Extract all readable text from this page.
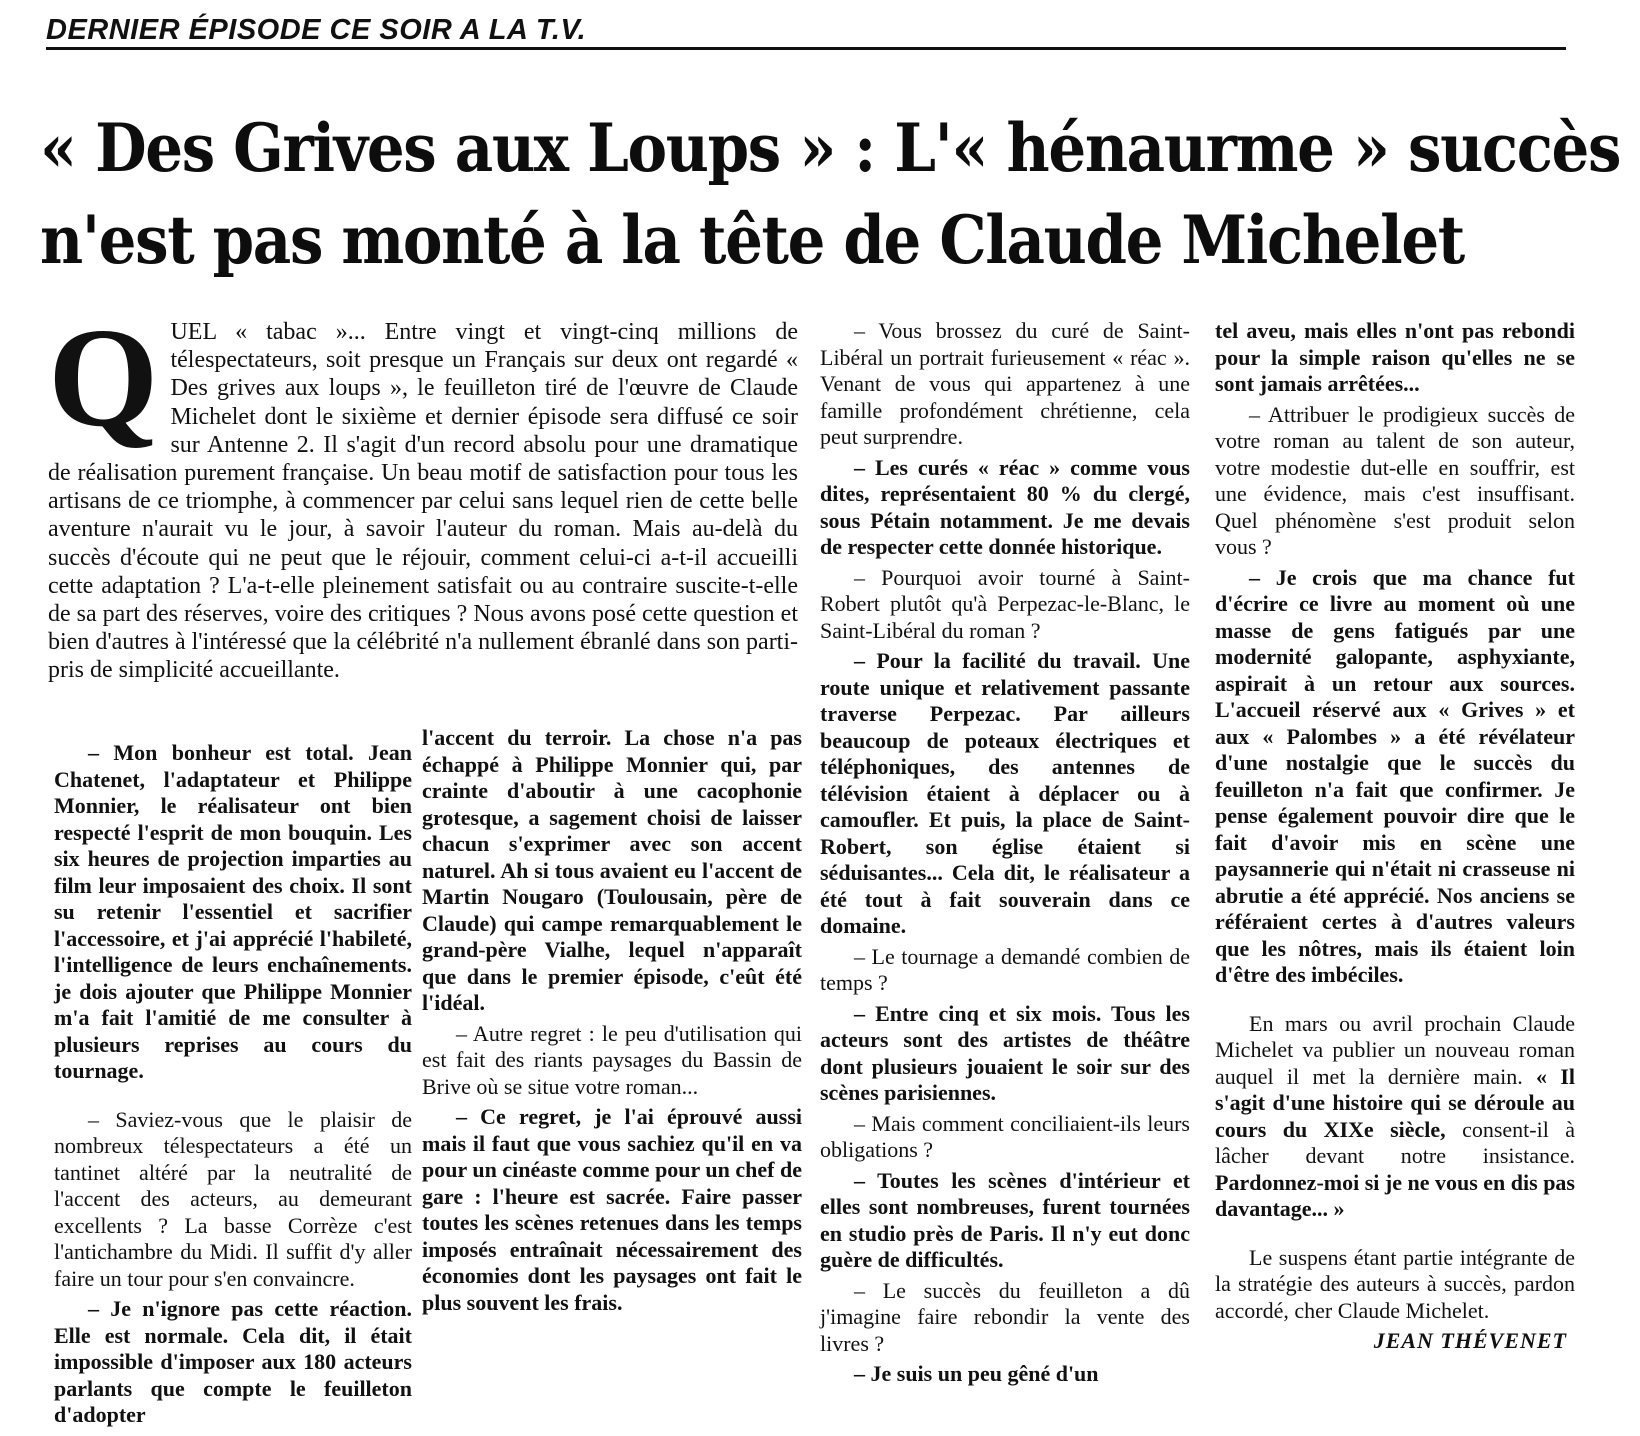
DERNIER ÉPISODE CE SOIR A LA T.V.
« Des Grives aux Loups » : L'« hénaurme » succès
n'est pas monté à la tête de Claude Michelet
Q UEL « tabac »... Entre vingt et vingt-cinq millions de télespectateurs, soit presque un Français sur deux ont regardé « Des grives aux loups », le feuilleton tiré de l'œuvre de Claude Michelet dont le sixième et dernier épisode sera diffusé ce soir sur Antenne 2. Il s'agit d'un record absolu pour une dramatique de réalisation purement française. Un beau motif de satisfaction pour tous les artisans de ce triomphe, à commencer par celui sans lequel rien de cette belle aventure n'aurait vu le jour, à savoir l'auteur du roman. Mais au-delà du succès d'écoute qui ne peut que le réjouir, comment celui-ci a-t-il accueilli cette adaptation ? L'a-t-elle pleinement satisfait ou au contraire suscite-t-elle de sa part des réserves, voire des critiques ? Nous avons posé cette question et bien d'autres à l'intéressé que la célébrité n'a nullement ébranlé dans son parti-pris de simplicité accueillante.

– Mon bonheur est total. Jean Chatenet, l'adaptateur et Philippe Monnier, le réalisateur ont bien respecté l'esprit de mon bouquin. Les six heures de projection imparties au film leur imposaient des choix. Il sont su retenir l'essentiel et sacrifier l'accessoire, et j'ai apprécié l'habileté, l'intelligence de leurs enchaînements. je dois ajouter que Philippe Monnier m'a fait l'amitié de me consulter à plusieurs reprises au cours du tournage.

– Saviez-vous que le plaisir de nombreux télespectateurs a été un tantinet altéré par la neutralité de l'accent des acteurs, au demeurant excellents ? La basse Corrèze c'est l'antichambre du Midi. Il suffit d'y aller faire un tour pour s'en convaincre.

– Je n'ignore pas cette réaction. Elle est normale. Cela dit, il était impossible d'imposer aux 180 acteurs parlants que compte le feuilleton d'adopter

l'accent du terroir. La chose n'a pas échappé à Philippe Monnier qui, par crainte d'aboutir à une cacophonie grotesque, a sagement choisi de laisser chacun s'exprimer avec son accent naturel. Ah si tous avaient eu l'accent de Martin Nougaro (Toulousain, père de Claude) qui campe remarquablement le grand-père Vialhe, lequel n'apparaît que dans le premier épisode, c'eût été l'idéal.

– Autre regret : le peu d'utilisation qui est fait des riants paysages du Bassin de Brive où se situe votre roman...

– Ce regret, je l'ai éprouvé aussi mais il faut que vous sachiez qu'il en va pour un cinéaste comme pour un chef de gare : l'heure est sacrée. Faire passer toutes les scènes retenues dans les temps imposés entraînait nécessairement des économies dont les paysages ont fait le plus souvent les frais.

– Vous brossez du curé de Saint-Libéral un portrait furieusement « réac ». Venant de vous qui appartenez à une famille profondément chrétienne, cela peut surprendre.

– Les curés « réac » comme vous dites, représentaient 80 % du clergé, sous Pétain notamment. Je me devais de respecter cette donnée historique.

– Pourquoi avoir tourné à Saint-Robert plutôt qu'à Perpezac-le-Blanc, le Saint-Libéral du roman ?

– Pour la facilité du travail. Une route unique et relativement passante traverse Perpezac. Par ailleurs beaucoup de poteaux électriques et téléphoniques, des antennes de télévision étaient à déplacer ou à camoufler. Et puis, la place de Saint-Robert, son église étaient si séduisantes... Cela dit, le réalisateur a été tout à fait souverain dans ce domaine.

– Le tournage a demandé combien de temps ?

– Entre cinq et six mois. Tous les acteurs sont des artistes de théâtre dont plusieurs jouaient le soir sur des scènes parisiennes.

– Mais comment conciliaient-ils leurs obligations ?

– Toutes les scènes d'intérieur et elles sont nombreuses, furent tournées en studio près de Paris. Il n'y eut donc guère de difficultés.

– Le succès du feuilleton a dû j'imagine faire rebondir la vente des livres ?

– Je suis un peu gêné d'un

tel aveu, mais elles n'ont pas rebondi pour la simple raison qu'elles ne se sont jamais arrêtées...

– Attribuer le prodigieux succès de votre roman au talent de son auteur, votre modestie dut-elle en souffrir, est une évidence, mais c'est insuffisant. Quel phénomène s'est produit selon vous ?

– Je crois que ma chance fut d'écrire ce livre au moment où une masse de gens fatigués par une modernité galopante, asphyxiante, aspirait à un retour aux sources. L'accueil réservé aux « Grives » et aux « Palombes » a été révélateur d'une nostalgie que le succès du feuilleton n'a fait que confirmer. Je pense également pouvoir dire que le fait d'avoir mis en scène une paysannerie qui n'était ni crasseuse ni abrutie a été apprécié. Nos anciens se référaient certes à d'autres valeurs que les nôtres, mais ils étaient loin d'être des imbéciles.

En mars ou avril prochain Claude Michelet va publier un nouveau roman auquel il met la dernière main. « Il s'agit d'une histoire qui se déroule au cours du XIXe siècle, consent-il à lâcher devant notre insistance. Pardonnez-moi si je ne vous en dis pas davantage... »

Le suspens étant partie intégrante de la stratégie des auteurs à succès, pardon accordé, cher Claude Michelet.

JEAN THÉVENET
